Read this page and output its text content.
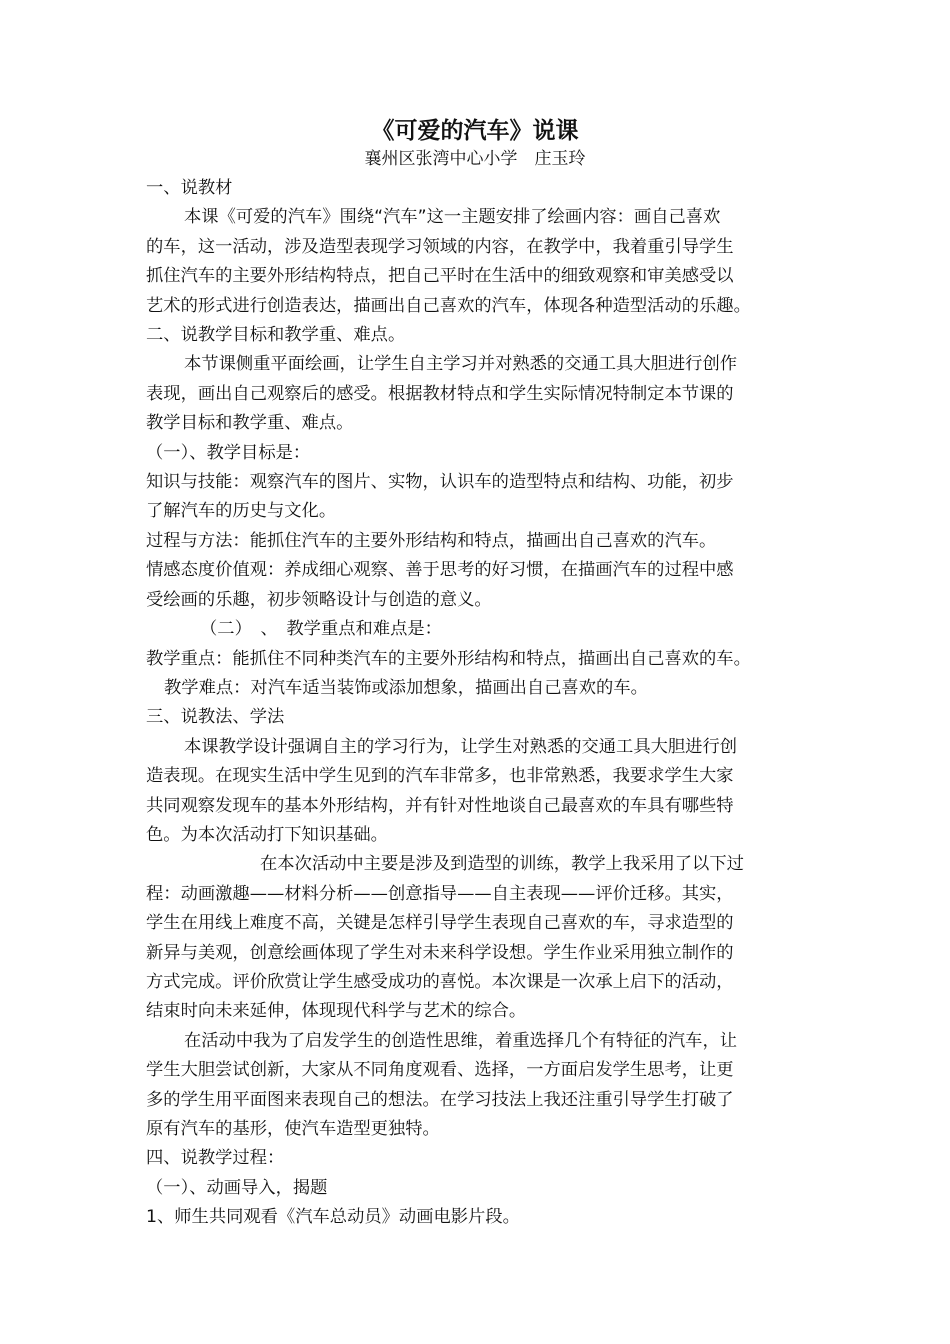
《可爱的汽车》说课
襄州区张湾中心小学　庄玉玲

一、说教材

本课《可爱的汽车》围绕“汽车”这一主题安排了绘画内容：画自己喜欢

的车，这一活动，涉及造型表现学习领域的内容，在教学中，我着重引导学生

抓住汽车的主要外形结构特点，把自己平时在生活中的细致观察和审美感受以

艺术的形式进行创造表达，描画出自己喜欢的汽车，体现各种造型活动的乐趣。

二、说教学目标和教学重、难点。

本节课侧重平面绘画，让学生自主学习并对熟悉的交通工具大胆进行创作

表现，画出自己观察后的感受。根据教材特点和学生实际情况特制定本节课的

教学目标和教学重、难点。

（一）、教学目标是：

知识与技能：观察汽车的图片、实物，认识车的造型特点和结构、功能，初步

了解汽车的历史与文化。

过程与方法：能抓住汽车的主要外形结构和特点，描画出自己喜欢的汽车。

情感态度价值观：养成细心观察、善于思考的好习惯，在描画汽车的过程中感

受绘画的乐趣，初步领略设计与创造的意义。

（二）　、　教学重点和难点是：

教学重点：能抓住不同种类汽车的主要外形结构和特点，描画出自己喜欢的车。

教学难点：对汽车适当装饰或添加想象，描画出自己喜欢的车。

三、说教法、学法

本课教学设计强调自主的学习行为，让学生对熟悉的交通工具大胆进行创

造表现。在现实生活中学生见到的汽车非常多，也非常熟悉，我要求学生大家

共同观察发现车的基本外形结构，并有针对性地谈自己最喜欢的车具有哪些特

色。为本次活动打下知识基础。

在本次活动中主要是涉及到造型的训练，教学上我采用了以下过

程：动画激趣——材料分析——创意指导——自主表现——评价迁移。其实，

学生在用线上难度不高，关键是怎样引导学生表现自己喜欢的车，寻求造型的

新异与美观，创意绘画体现了学生对未来科学设想。学生作业采用独立制作的

方式完成。评价欣赏让学生感受成功的喜悦。本次课是一次承上启下的活动，

结束时向未来延伸，体现现代科学与艺术的综合。

在活动中我为了启发学生的创造性思维，着重选择几个有特征的汽车，让

学生大胆尝试创新，大家从不同角度观看、选择，一方面启发学生思考，让更

多的学生用平面图来表现自己的想法。在学习技法上我还注重引导学生打破了

原有汽车的基形，使汽车造型更独特。

四、说教学过程：

（一）、动画导入，揭题

1、师生共同观看《汽车总动员》动画电影片段。
